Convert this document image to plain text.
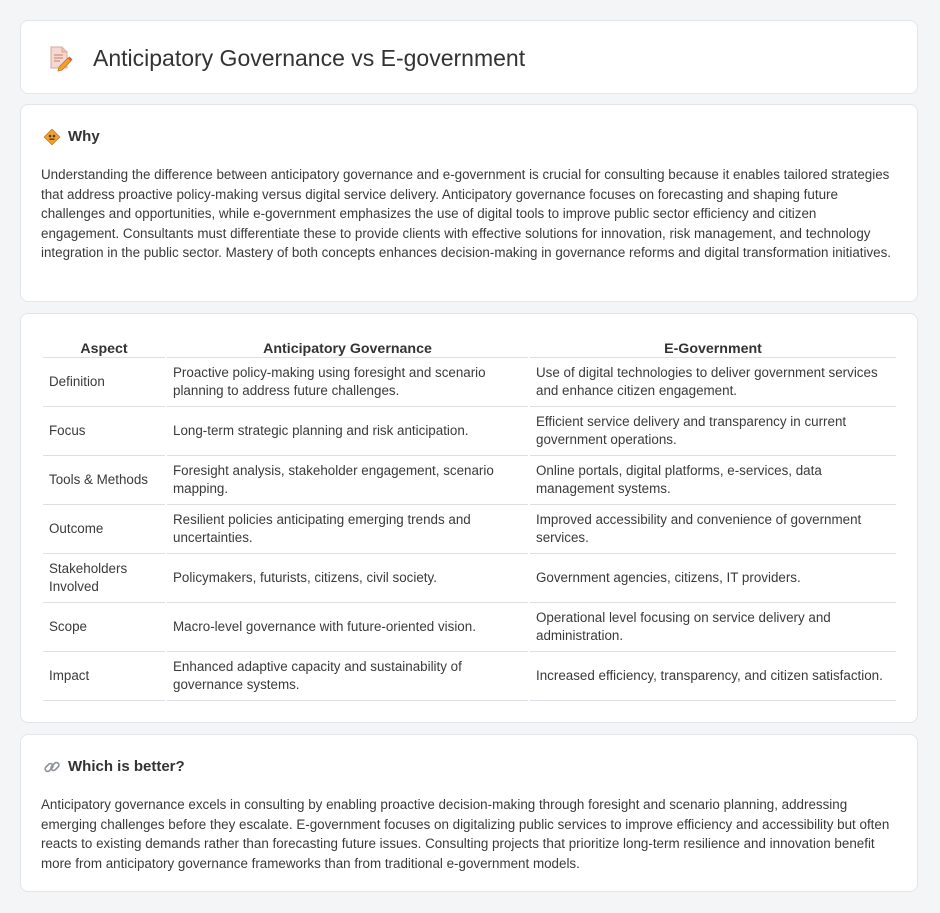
Anticipatory Governance vs E-government
Why

Understanding the difference between anticipatory governance and e-government is crucial for consulting because it enables tailored strategies that address proactive policy-making versus digital service delivery. Anticipatory governance focuses on forecasting and shaping future challenges and opportunities, while e-government emphasizes the use of digital tools to improve public sector efficiency and citizen engagement. Consultants must differentiate these to provide clients with effective solutions for innovation, risk management, and technology integration in the public sector. Mastery of both concepts enhances decision-making in governance reforms and digital transformation initiatives.

Aspect	Anticipatory Governance	E-Government
Definition	Proactive policy-making using foresight and scenario planning to address future challenges.	Use of digital technologies to deliver government services and enhance citizen engagement.
Focus	Long-term strategic planning and risk anticipation.	Efficient service delivery and transparency in current government operations.
Tools & Methods	Foresight analysis, stakeholder engagement, scenario mapping.	Online portals, digital platforms, e-services, data management systems.
Outcome	Resilient policies anticipating emerging trends and uncertainties.	Improved accessibility and convenience of government services.
Stakeholders Involved	Policymakers, futurists, citizens, civil society.	Government agencies, citizens, IT providers.
Scope	Macro-level governance with future-oriented vision.	Operational level focusing on service delivery and administration.
Impact	Enhanced adaptive capacity and sustainability of governance systems.	Increased efficiency, transparency, and citizen satisfaction.
Which is better?

Anticipatory governance excels in consulting by enabling proactive decision-making through foresight and scenario planning, addressing emerging challenges before they escalate. E-government focuses on digitalizing public services to improve efficiency and accessibility but often reacts to existing demands rather than forecasting future issues. Consulting projects that prioritize long-term resilience and innovation benefit more from anticipatory governance frameworks than from traditional e-government models.
